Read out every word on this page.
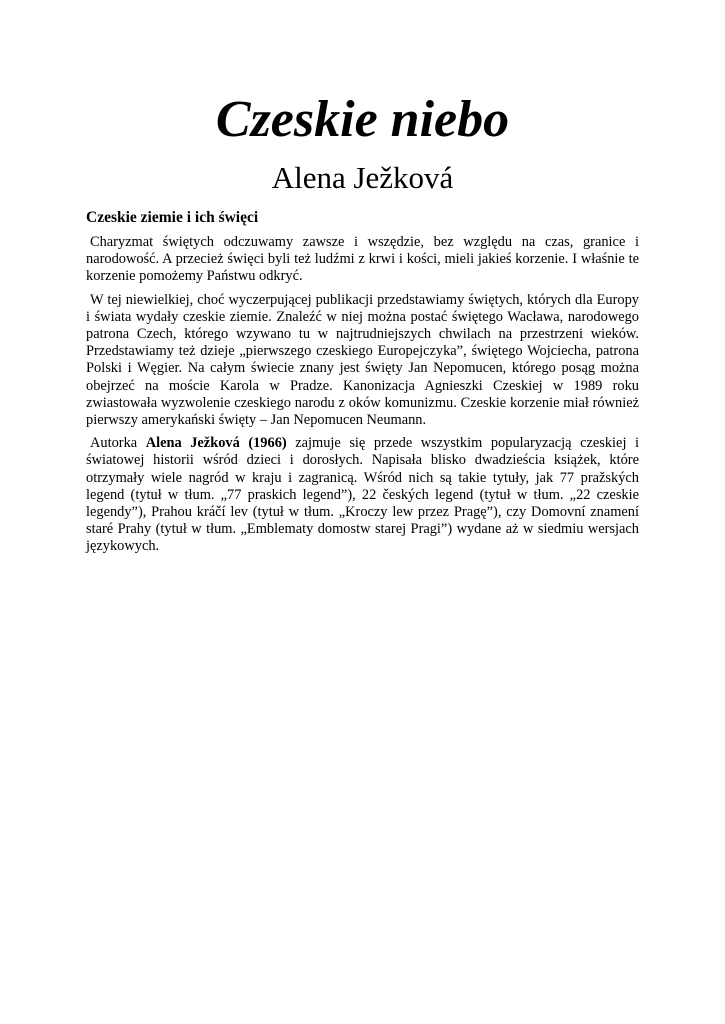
Czeskie niebo
Alena Ježková
Czeskie ziemie i ich święci

Charyzmat świętych odczuwamy zawsze i wszędzie, bez względu na czas, granice i narodowość. A przecież święci byli też ludźmi z krwi i kości, mieli jakieś korzenie. I właśnie te korzenie pomożemy Państwu odkryć.

W tej niewielkiej, choć wyczerpującej publikacji przedstawiamy świętych, których dla Europy i świata wydały czeskie ziemie. Znaleźć w niej można postać świętego Wacława, narodowego patrona Czech, którego wzywano tu w najtrudniejszych chwilach na przestrzeni wieków. Przedstawiamy też dzieje „pierwszego czeskiego Europejczyka”, świętego Wojciecha, patrona Polski i Węgier. Na całym świecie znany jest święty Jan Nepomucen, którego posąg można obejrzeć na moście Karola w Pradze. Kanonizacja Agnieszki Czeskiej w 1989 roku zwiastowała wyzwolenie czeskiego narodu z oków komunizmu. Czeskie korzenie miał również pierwszy amerykański święty – Jan Nepomucen Neumann.

Autorka Alena Ježková (1966) zajmuje się przede wszystkim popularyzacją czeskiej i światowej historii wśród dzieci i dorosłych. Napisała blisko dwadzieścia książek, które otrzymały wiele nagród w kraju i zagranicą. Wśród nich są takie tytuły, jak 77 pražských legend (tytuł w tłum. „77 praskich legend”), 22 českých legend (tytuł w tłum. „22 czeskie legendy”), Prahou kráčí lev (tytuł w tłum. „Kroczy lew przez Pragę”), czy Domovní znamení staré Prahy (tytuł w tłum. „Emblematy domostw starej Pragi”) wydane aż w siedmiu wersjach językowych.
